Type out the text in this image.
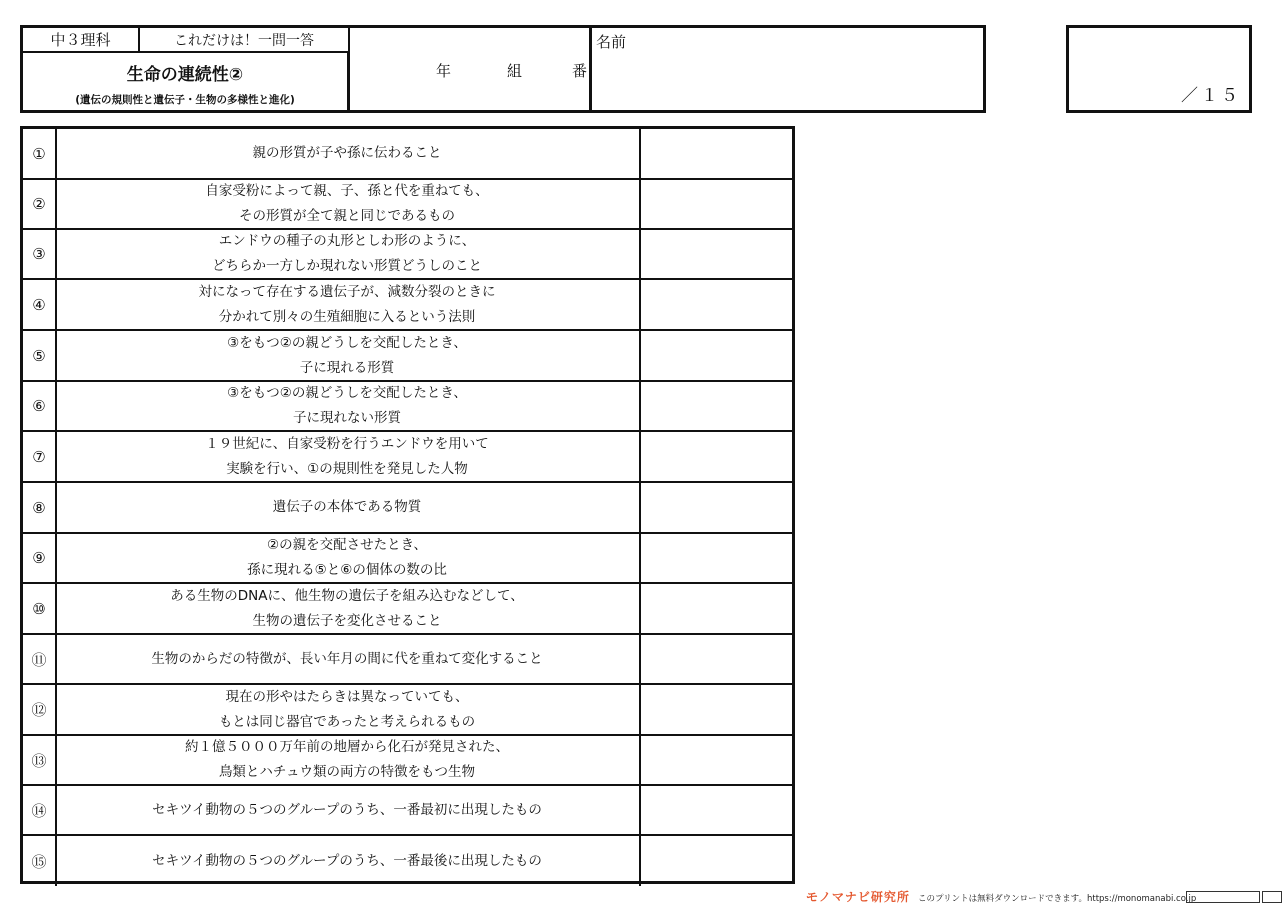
中３理科	これだけは！一問一答
生命の連続性②
(遺伝の規則性と遺伝子・生物の多様性と進化)
年	組	番
名前
／１５
①	親の形質が子や孫に伝わること
②
自家受粉によって親、子、孫と代を重ねても、
その形質が全て親と同じであるもの
③
エンドウの種子の丸形としわ形のように、
どちらか一方しか現れない形質どうしのこと
④
対になって存在する遺伝子が、減数分裂のときに
分かれて別々の生殖細胞に入るという法則
⑤
③をもつ②の親どうしを交配したとき、
子に現れる形質
⑥
③をもつ②の親どうしを交配したとき、
子に現れない形質
⑦
１９世紀に、自家受粉を行うエンドウを用いて
実験を行い、①の規則性を発見した人物
⑧	遺伝子の本体である物質
⑨
②の親を交配させたとき、
孫に現れる⑤と⑥の個体の数の比
⑩
ある生物のDNAに、他生物の遺伝子を組み込むなどして、
生物の遺伝子を変化させること
⑪	生物のからだの特徴が、長い年月の間に代を重ねて変化すること
⑫
現在の形やはたらきは異なっていても、
もとは同じ器官であったと考えられるもの
⑬
約１億５０００万年前の地層から化石が発見された、
鳥類とハチュウ類の両方の特徴をもつ生物
⑭	セキツイ動物の５つのグループのうち、一番最初に出現したもの
⑮	セキツイ動物の５つのグループのうち、一番最後に出現したもの
モノマナビ研究所 このプリントは無料ダウンロードできます。https://monomanabi.co.jp
